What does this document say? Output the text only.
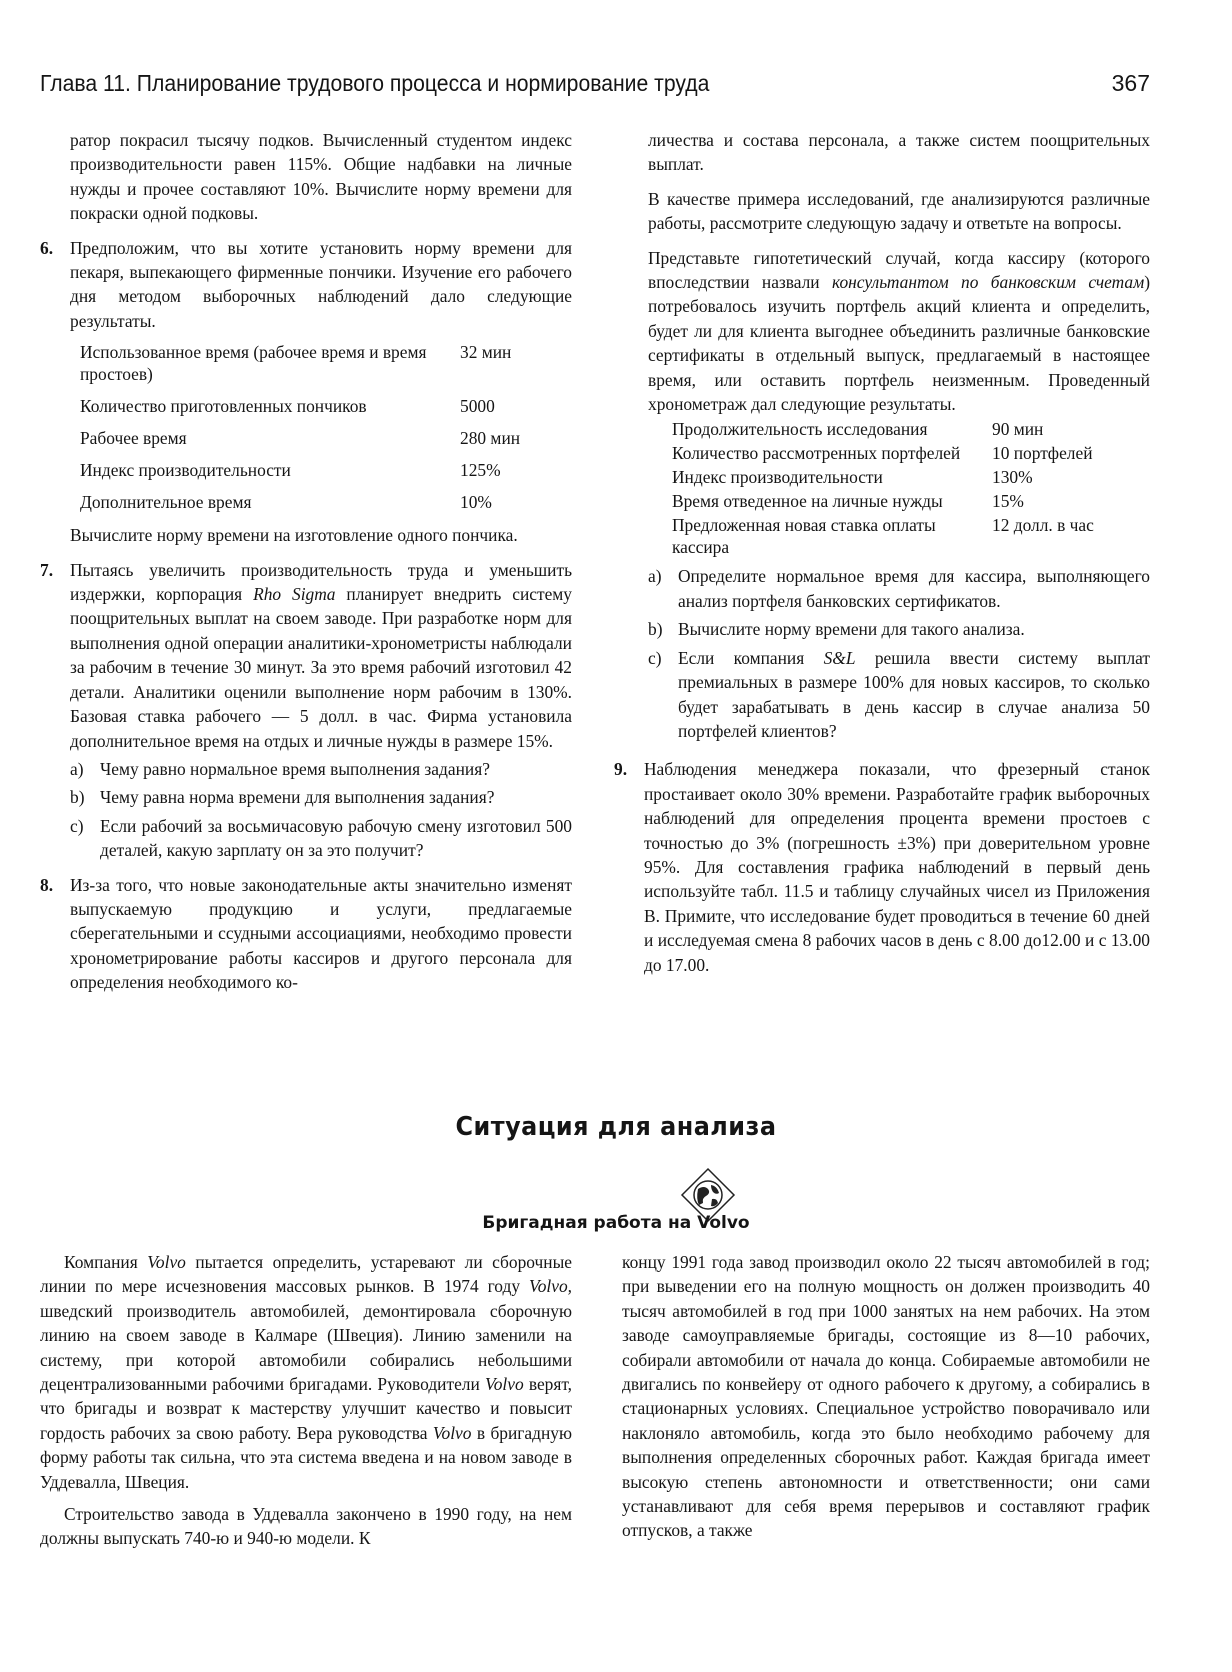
Глава 11. Планирование трудового процесса и нормирование труда	367

ратор покрасил тысячу подков. Вычисленный студентом индекс производительности равен 115%. Общие надбавки на личные нужды и прочее составляют 10%. Вычислите норму времени для покраски одной подковы.

6. Предположим, что вы хотите установить норму времени для пекаря, выпекающего фирменные пончики. Изучение его рабочего дня методом выборочных наблюдений дало следующие результаты.

Использованное время (рабочее время и время простоев)	32 мин
Количество приготовленных пончиков	5000
Рабочее время	280 мин
Индекс производительности	125%
Дополнительное время	10%

Вычислите норму времени на изготовление одного пончика.

7. Пытаясь увеличить производительность труда и уменьшить издержки, корпорация Rho Sigma планирует внедрить систему поощрительных выплат на своем заводе. При разработке норм для выполнения одной операции аналитики-хронометристы наблюдали за рабочим в течение 30 минут. За это время рабочий изготовил 42 детали. Аналитики оценили выполнение норм рабочим в 130%. Базовая ставка рабочего — 5 долл. в час. Фирма установила дополнительное время на отдых и личные нужды в размере 15%.

a) Чему равно нормальное время выполнения задания?

b) Чему равна норма времени для выполнения задания?

c) Если рабочий за восьмичасовую рабочую смену изготовил 500 деталей, какую зарплату он за это получит?

8. Из-за того, что новые законодательные акты значительно изменят выпускаемую продукцию и услуги, предлагаемые сберегательными и ссудными ассоциациями, необходимо провести хронометрирование работы кассиров и другого персонала для определения необходимого ко-

личества и состава персонала, а также систем поощрительных выплат.

В качестве примера исследований, где анализируются различные работы, рассмотрите следующую задачу и ответьте на вопросы.

Представьте гипотетический случай, когда кассиру (которого впоследствии назвали консультантом по банковским счетам) потребовалось изучить портфель акций клиента и определить, будет ли для клиента выгоднее объединить различные банковские сертификаты в отдельный выпуск, предлагаемый в настоящее время, или оставить портфель неизменным. Проведенный хронометраж дал следующие результаты.

Продолжительность исследования	90 мин
Количество рассмотренных портфелей	10 портфелей
Индекс производительности	130%
Время отведенное на личные нужды	15%
Предложенная новая ставка оплаты кассира	12 долл. в час
a) Определите нормальное время для кассира, выполняющего анализ портфеля банковских сертификатов.

b) Вычислите норму времени для такого анализа.

c) Если компания S&L решила ввести систему выплат премиальных в размере 100% для новых кассиров, то сколько будет зарабатывать в день кассир в случае анализа 50 портфелей клиентов?

9. Наблюдения менеджера показали, что фрезерный станок простаивает около 30% времени. Разработайте график выборочных наблюдений для определения процента времени простоев с точностью до 3% (погрешность ±3%) при доверительном уровне 95%. Для составления графика наблюдений в первый день используйте табл. 11.5 и таблицу случайных чисел из Приложения В. Примите, что исследование будет проводиться в течение 60 дней и исследуемая смена 8 рабочих часов в день с 8.00 до12.00 и с 13.00 до 17.00.

Ситуация для анализа
Бригадная работа на Volvo

Компания Volvo пытается определить, устаревают ли сборочные линии по мере исчезновения массовых рынков. В 1974 году Volvo, шведский производитель автомобилей, демонтировала сборочную линию на своем заводе в Калмаре (Швеция). Линию заменили на систему, при которой автомобили собирались небольшими децентрализованными рабочими бригадами. Руководители Volvo верят, что бригады и возврат к мастерству улучшит качество и повысит гордость рабочих за свою работу. Вера руководства Volvo в бригадную форму работы так сильна, что эта система введена и на новом заводе в Уддевалла, Швеция.

Строительство завода в Уддевалла закончено в 1990 году, на нем должны выпускать 740-ю и 940-ю модели. К

концу 1991 года завод производил около 22 тысяч автомобилей в год; при выведении его на полную мощность он должен производить 40 тысяч автомобилей в год при 1000 занятых на нем рабочих. На этом заводе самоуправляемые бригады, состоящие из 8—10 рабочих, собирали автомобили от начала до конца. Собираемые автомобили не двигались по конвейеру от одного рабочего к другому, а собирались в стационарных условиях. Специальное устройство поворачивало или наклоняло автомобиль, когда это было необходимо рабочему для выполнения определенных сборочных работ. Каждая бригада имеет высокую степень автономности и ответственности; они сами устанавливают для себя время перерывов и составляют график отпусков, а также
